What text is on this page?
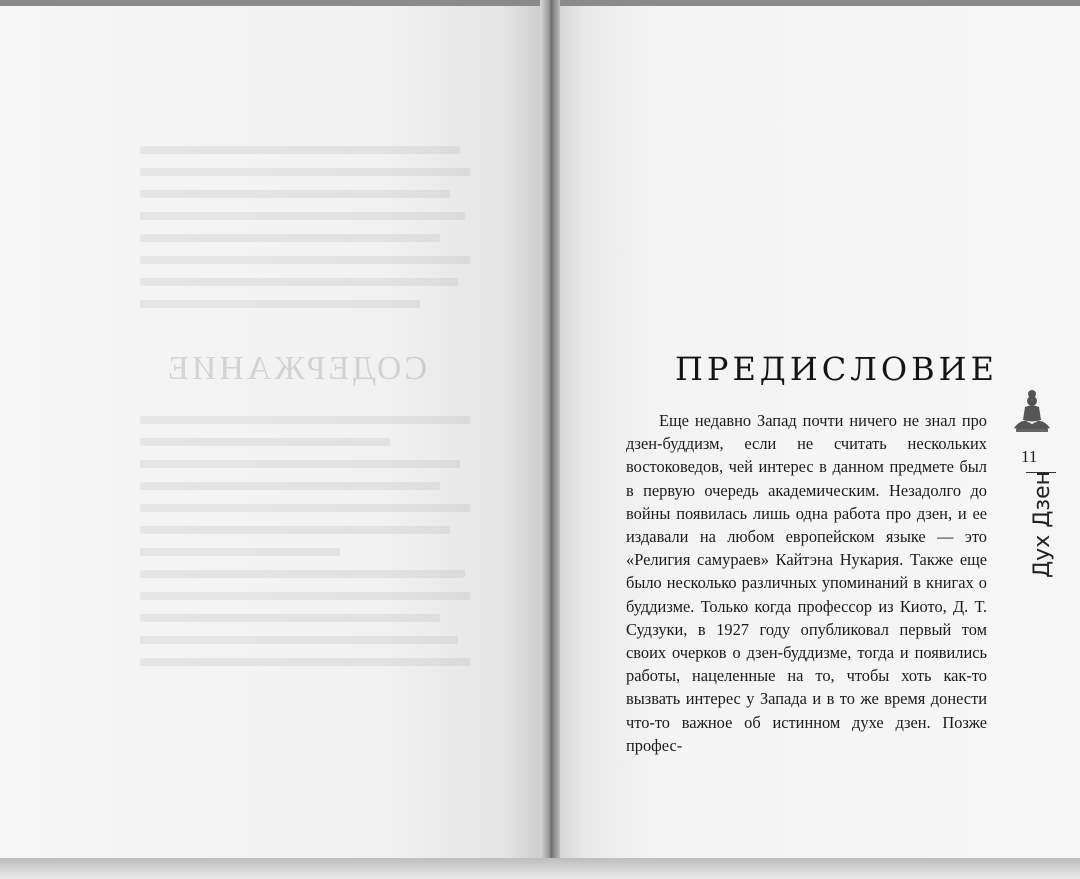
СОДЕРЖАНИЕ	ПРЕДИСЛОВИЕ
Еще недавно Запад почти ничего не знал про дзен-буддизм, если не считать нескольких востоковедов, чей интерес в данном предмете был в первую очередь академическим. Незадолго до войны появилась лишь одна работа про дзен, и ее издавали на любом европейском языке — это «Религия самураев» Кайтэна Нукария. Также еще было несколько различных упоминаний в книгах о буддизме. Только когда профессор из Киото, Д. Т. Судзуки, в 1927 году опубликовал первый том своих очерков о дзен-буддизме, тогда и появились работы, нацеленные на то, чтобы хоть как-то вызвать интерес у Запада и в то же время донести что-то важное об истинном духе дзен. Позже профес-
11
Дух Дзен
